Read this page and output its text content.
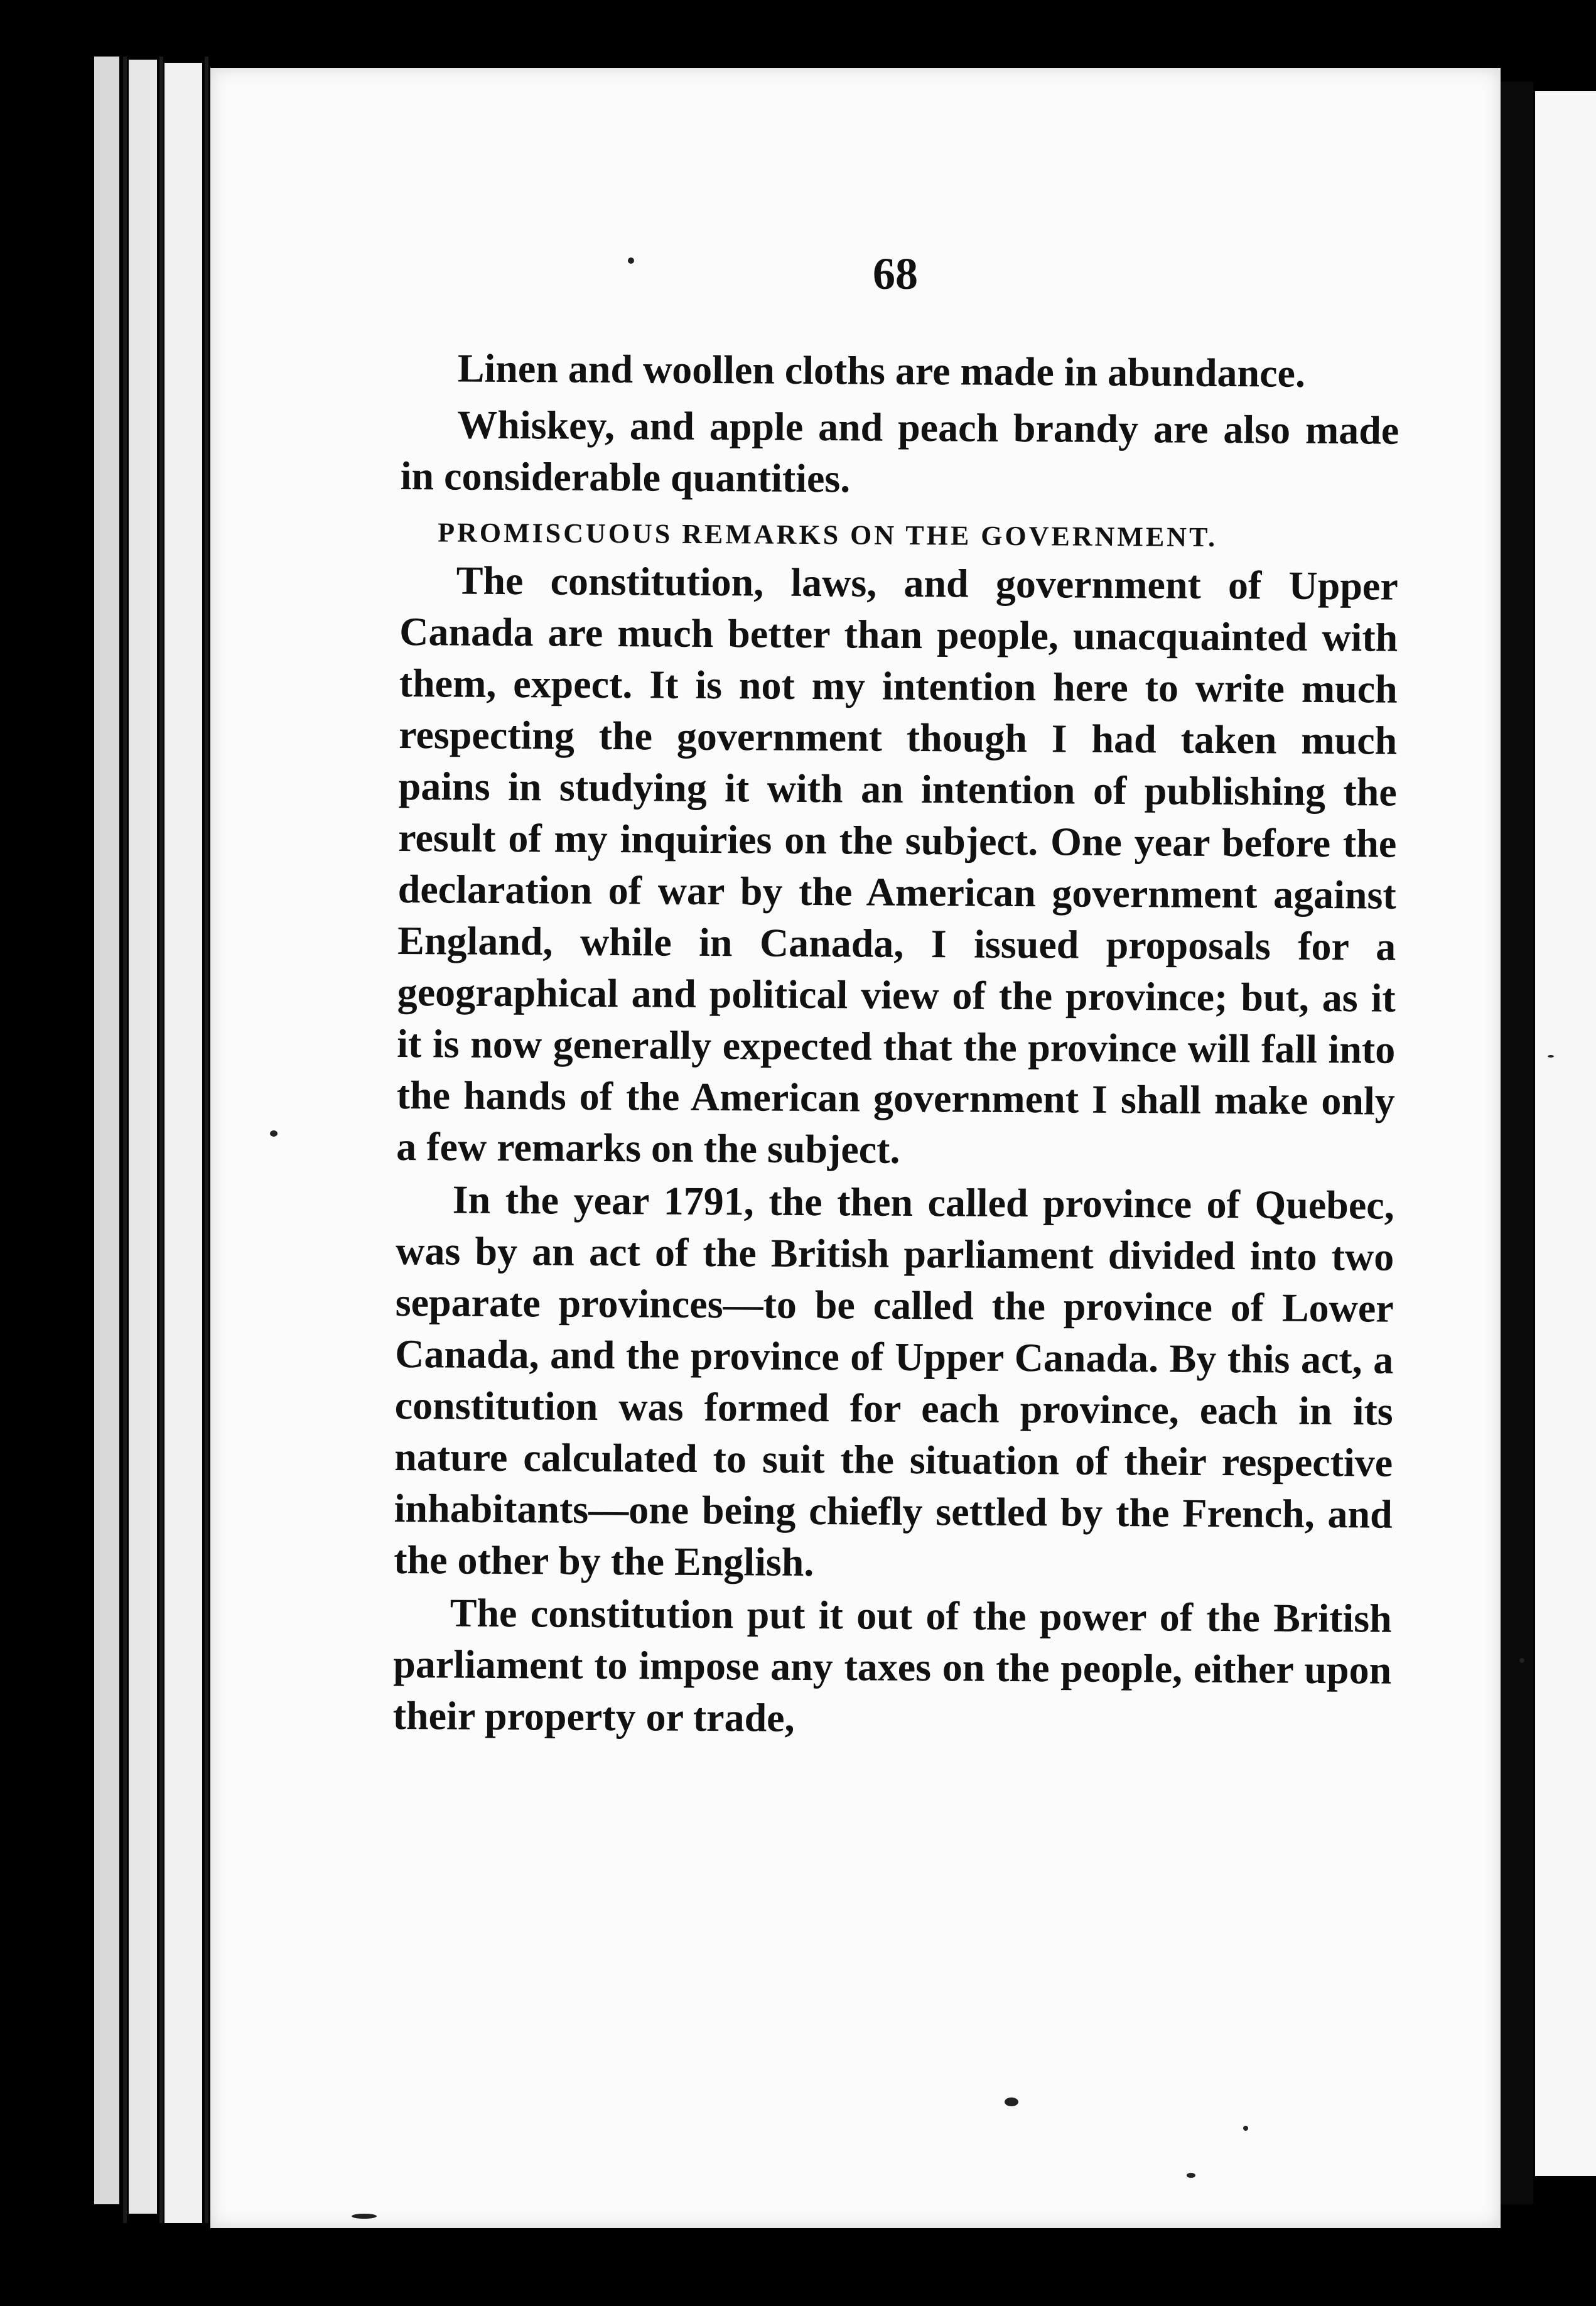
68

Linen and woollen cloths are made in abundance.

Whiskey, and apple and peach brandy are also made in considerable quantities.

PROMISCUOUS REMARKS ON THE GOVERNMENT.

The constitution, laws, and government of Upper Canada are much better than people, unacquainted with them, expect. It is not my intention here to write much respecting the government though I had taken much pains in studying it with an intention of publishing the result of my inquiries on the subject. One year before the declaration of war by the American government against England, while in Canada, I issued proposals for a geographical and political view of the province; but, as it it is now generally expected that the province will fall into the hands of the American government I shall make only a few remarks on the subject.

In the year 1791, the then called province of Quebec, was by an act of the British parliament divided into two separate provinces—to be called the province of Lower Canada, and the province of Upper Canada. By this act, a constitution was formed for each province, each in its nature calculated to suit the situation of their respective inhabitants—one being chiefly settled by the French, and the other by the English.

The constitution put it out of the power of the British parliament to impose any taxes on the people, either upon their property or trade,
